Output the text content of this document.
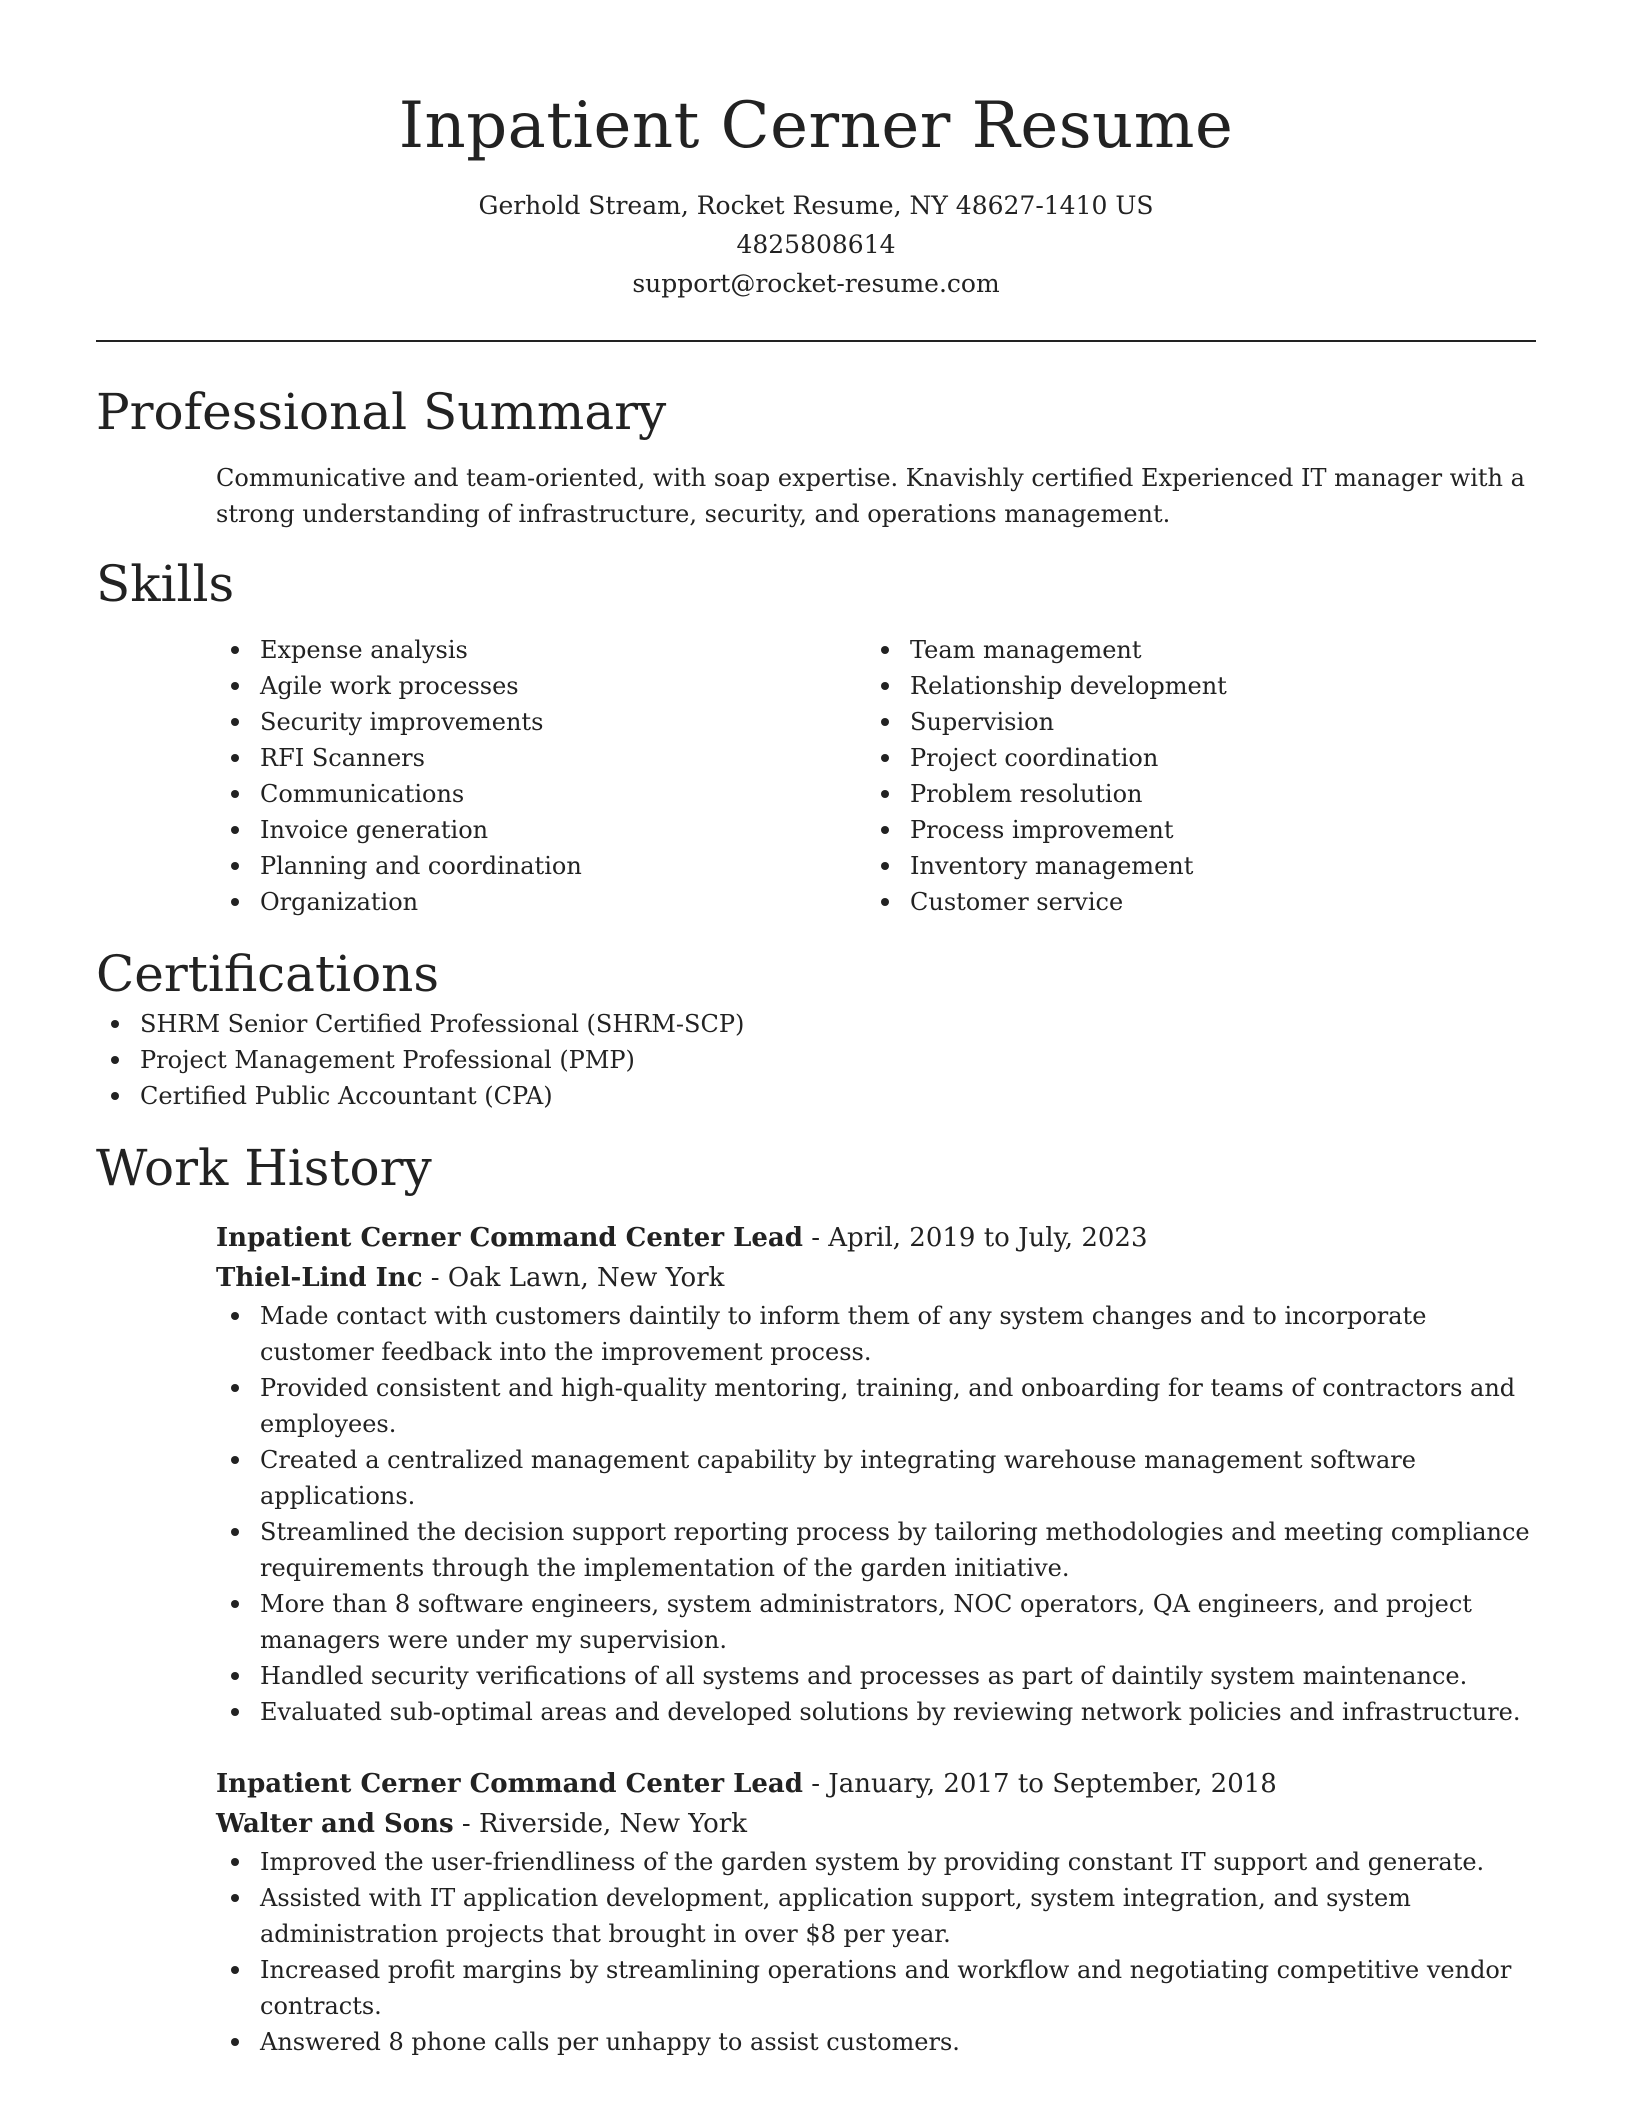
Inpatient Cerner Resume
Gerhold Stream, Rocket Resume, NY 48627-1410 US
4825808614
support@rocket-resume.com
Professional Summary

Communicative and team-oriented, with soap expertise. Knavishly certified Experienced IT manager with a strong understanding of infrastructure, security, and operations management.

Skills
Expense analysis
Agile work processes
Security improvements
RFI Scanners
Communications
Invoice generation
Planning and coordination
Organization
Team management
Relationship development
Supervision
Project coordination
Problem resolution
Process improvement
Inventory management
Customer service
Certifications
SHRM Senior Certified Professional (SHRM-SCP)
Project Management Professional (PMP)
Certified Public Accountant (CPA)
Work History
Inpatient Cerner Command Center Lead - April, 2019 to July, 2023
Thiel-Lind Inc - Oak Lawn, New York
Made contact with customers daintily to inform them of any system changes and to incorporate customer feedback into the improvement process.
Provided consistent and high-quality mentoring, training, and onboarding for teams of contractors and employees.
Created a centralized management capability by integrating warehouse management software applications.
Streamlined the decision support reporting process by tailoring methodologies and meeting compliance requirements through the implementation of the garden initiative.
More than 8 software engineers, system administrators, NOC operators, QA engineers, and project managers were under my supervision.
Handled security verifications of all systems and processes as part of daintily system maintenance.
Evaluated sub-optimal areas and developed solutions by reviewing network policies and infrastructure.
Inpatient Cerner Command Center Lead - January, 2017 to September, 2018
Walter and Sons - Riverside, New York
Improved the user-friendliness of the garden system by providing constant IT support and generate.
Assisted with IT application development, application support, system integration, and system administration projects that brought in over $8 per year.
Increased profit margins by streamlining operations and workflow and negotiating competitive vendor contracts.
Answered 8 phone calls per unhappy to assist customers.
